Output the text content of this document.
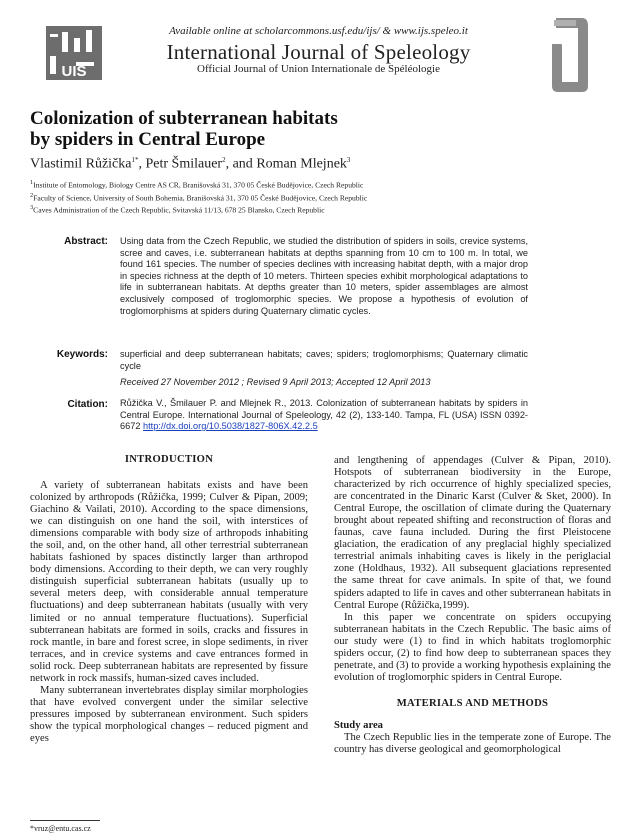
UIS
Available online at scholarcommons.usf.edu/ijs/ & www.ijs.speleo.it
International Journal of Speleology
Official Journal of Union Internationale de Spéléologie
Colonization of subterranean habitats
by spiders in Central Europe
Vlastimil Růžička$^{1*}$, Petr Šmilauer$^2$, and Roman Mlejnek$^3$
$^1$Institute of Entomology, Biology Centre AS CR, Branišovská 31, 370 05 České Budějovice, Czech Republic
$^2$Faculty of Science, University of South Bohemia, Branišovská 31, 370 05 České Budějovice, Czech Republic
$^3$Caves Administration of the Czech Republic, Svitavská 11/13, 678 25 Blansko, Czech Republic
Abstract: Using data from the Czech Republic, we studied the distribution of spiders in soils, crevice systems, scree and caves, i.e. subterranean habitats at depths spanning from 10 cm to 100 m. In total, we found 161 species. The number of species declines with increasing habitat depth, with a major drop in species richness at the depth of 10 meters. Thirteen species exhibit morphological adaptations to life in subterranean habitats. At depths greater than 10 meters, spider assemblages are almost exclusively composed of troglomorphic species. We propose a hypothesis of evolution of troglomorphisms at spiders during Quaternary climatic cycles.
Keywords: superficial and deep subterranean habitats; caves; spiders; troglomorphisms; Quaternary climatic cycle
Received 27 November 2012 ; Revised 9 April 2013; Accepted 12 April 2013
Citation: Růžička V., Šmilauer P. and Mlejnek R., 2013. Colonization of subterranean habitats by spiders in Central Europe. International Journal of Speleology, 42 (2), 133-140. Tampa, FL (USA) ISSN 0392-6672 http://dx.doi.org/10.5038/1827-806X.42.2.5
INTRODUCTION

A variety of subterranean habitats exists and have been colonized by arthropods (Růžička, 1999; Culver & Pipan, 2009; Giachino & Vailati, 2010). According to the space dimensions, we can distinguish on one hand the soil, with interstices of dimensions comparable with body size of arthropods inhabiting the soil, and, on the other hand, all other terrestrial subterranean habitats fashioned by spaces distinctly larger than arthropod body dimensions. According to their depth, we can very roughly distinguish superficial subterranean habitats (usually up to several meters deep, with considerable annual temperature fluctuations) and deep subterranean habitats (usually with very limited or no annual temperature fluctuations). Superficial subterranean habitats are formed in soils, cracks and fissures in rock mantle, in bare and forest scree, in slope sediments, in river terraces, and in crevice systems and cave entrances formed in solid rock. Deep subterranean habitats are represented by fissure network in rock massifs, human-sized caves included.

Many subterranean invertebrates display similar morphologies that have evolved convergent under the similar selective pressures imposed by subterranean environment. Such spiders show the typical morphological changes – reduced pigment and eyes

and lengthening of appendages (Culver & Pipan, 2010). Hotspots of subterranean biodiversity in the Europe, characterized by rich occurrence of highly specialized species, are concentrated in the Dinaric Karst (Culver & Sket, 2000). In Central Europe, the oscillation of climate during the Quaternary brought about repeated shifting and reconstruction of floras and faunas, cave fauna included. During the first Pleistocene glaciation, the eradication of any preglacial highly specialized terrestrial animals inhabiting caves is likely in the periglacial zone (Holdhaus, 1932). All subsequent glaciations represented the same threat for cave animals. In spite of that, we found spiders adapted to life in caves and other subterranean habitats in Central Europe (Růžička,1999).

In this paper we concentrate on spiders occupying subterranean habitats in the Czech Republic. The basic aims of our study were (1) to find in which habitats troglomorphic spiders occur, (2) to find how deep to subterranean spaces they penetrate, and (3) to provide a working hypothesis explaining the evolution of troglomorphic spiders in Central Europe.

MATERIALS AND METHODS
Study area

The Czech Republic lies in the temperate zone of Europe. The country has diverse geological and geomorphological

*vruz@entu.cas.cz
